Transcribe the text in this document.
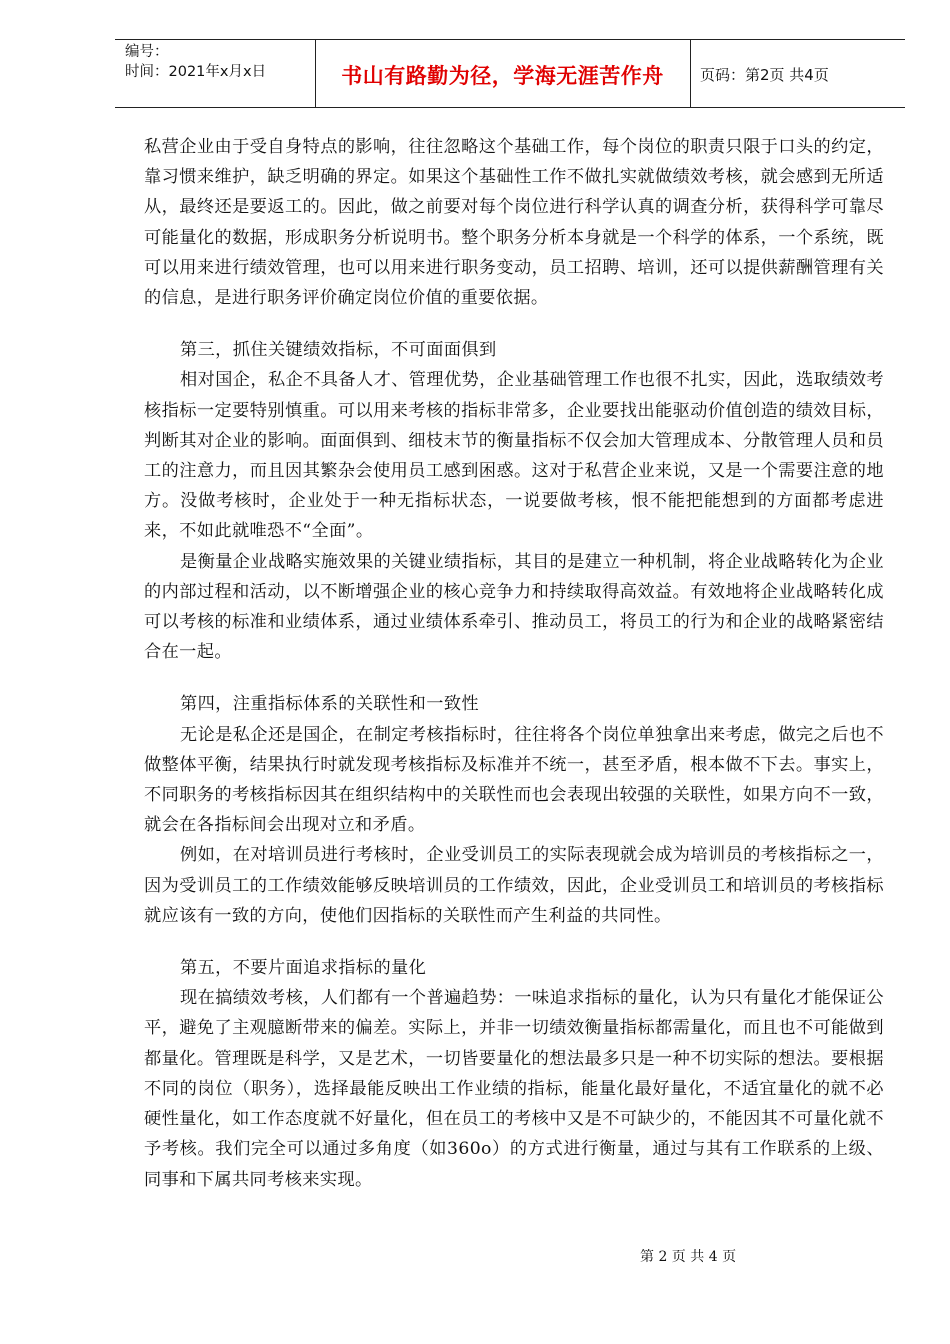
编号：
时间：2021年x月x日	书山有路勤为径，学海无涯苦作舟	页码：第2页 共4页

私营企业由于受自身特点的影响，往往忽略这个基础工作，每个岗位的职责只限于口头的约定，靠习惯来维护，缺乏明确的界定。如果这个基础性工作不做扎实就做绩效考核，就会感到无所适从，最终还是要返工的。因此，做之前要对每个岗位进行科学认真的调查分析，获得科学可靠尽可能量化的数据，形成职务分析说明书。整个职务分析本身就是一个科学的体系，一个系统，既可以用来进行绩效管理，也可以用来进行职务变动，员工招聘、培训，还可以提供薪酬管理有关的信息，是进行职务评价确定岗位价值的重要依据。

第三，抓住关键绩效指标，不可面面俱到

相对国企，私企不具备人才、管理优势，企业基础管理工作也很不扎实，因此，选取绩效考核指标一定要特别慎重。可以用来考核的指标非常多，企业要找出能驱动价值创造的绩效目标，判断其对企业的影响。面面俱到、细枝末节的衡量指标不仅会加大管理成本、分散管理人员和员工的注意力，而且因其繁杂会使用员工感到困惑。这对于私营企业来说，又是一个需要注意的地方。没做考核时，企业处于一种无指标状态，一说要做考核，恨不能把能想到的方面都考虑进来，不如此就唯恐不“全面”。

是衡量企业战略实施效果的关键业绩指标，其目的是建立一种机制，将企业战略转化为企业的内部过程和活动，以不断增强企业的核心竞争力和持续取得高效益。有效地将企业战略转化成可以考核的标准和业绩体系，通过业绩体系牵引、推动员工，将员工的行为和企业的战略紧密结合在一起。

第四，注重指标体系的关联性和一致性

无论是私企还是国企，在制定考核指标时，往往将各个岗位单独拿出来考虑，做完之后也不做整体平衡，结果执行时就发现考核指标及标准并不统一，甚至矛盾，根本做不下去。事实上，不同职务的考核指标因其在组织结构中的关联性而也会表现出较强的关联性，如果方向不一致，就会在各指标间会出现对立和矛盾。

例如，在对培训员进行考核时，企业受训员工的实际表现就会成为培训员的考核指标之一，因为受训员工的工作绩效能够反映培训员的工作绩效，因此，企业受训员工和培训员的考核指标就应该有一致的方向，使他们因指标的关联性而产生利益的共同性。

第五，不要片面追求指标的量化

现在搞绩效考核，人们都有一个普遍趋势：一味追求指标的量化，认为只有量化才能保证公平，避免了主观臆断带来的偏差。实际上，并非一切绩效衡量指标都需量化，而且也不可能做到都量化。管理既是科学，又是艺术，一切皆要量化的想法最多只是一种不切实际的想法。要根据不同的岗位（职务），选择最能反映出工作业绩的指标，能量化最好量化，不适宜量化的就不必硬性量化，如工作态度就不好量化，但在员工的考核中又是不可缺少的，不能因其不可量化就不予考核。我们完全可以通过多角度（如360o）的方式进行衡量，通过与其有工作联系的上级、同事和下属共同考核来实现。

第 2 页 共 4 页
